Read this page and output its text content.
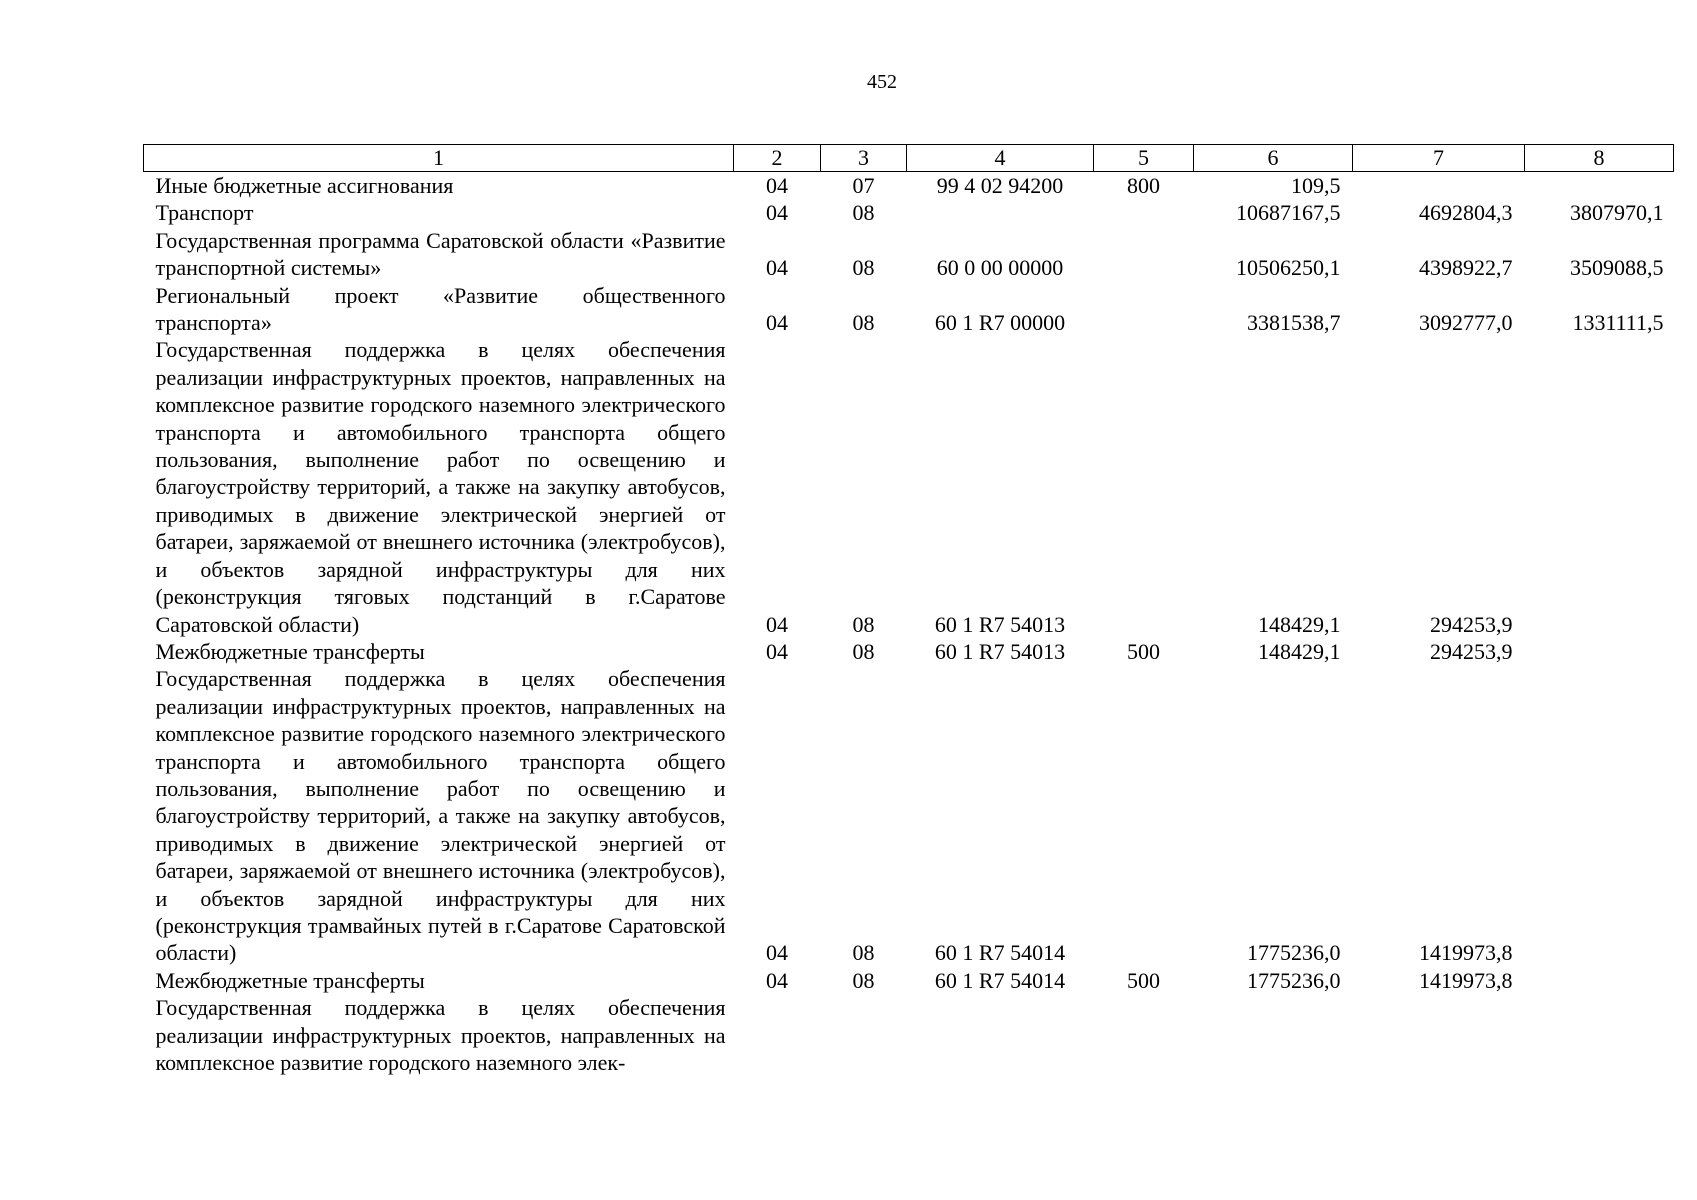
452
1	2	3	4	5	6	7	8
Иные бюджетные ассигнования	04	07	99 4 02 94200	800	109,5		
Транспорт	04	08			10687167,5	4692804,3	3807970,1
Государственная программа Саратовской области «Развитие транспортной системы»	04	08	60 0 00 00000		10506250,1	4398922,7	3509088,5
Региональный проект «Развитие общественного транспорта»	04	08	60 1 R7 00000		3381538,7	3092777,0	1331111,5
Государственная поддержка в целях обеспечения реализации инфраструктурных проектов, направленных на комплексное развитие городского наземного электрического транспорта и автомобильного транспорта общего пользования, выполнение работ по освещению и благоустройству территорий, а также на закупку автобусов, приводимых в движение электрической энергией от батареи, заряжаемой от внешнего источника (электробусов), и объектов зарядной инфраструктуры для них (реконструкция тяговых подстанций в г.Саратове Саратовской области)	04	08	60 1 R7 54013		148429,1	294253,9	
Межбюджетные трансферты	04	08	60 1 R7 54013	500	148429,1	294253,9	
Государственная поддержка в целях обеспечения реализации инфраструктурных проектов, направленных на комплексное развитие городского наземного электрического транспорта и автомобильного транспорта общего пользования, выполнение работ по освещению и благоустройству территорий, а также на закупку автобусов, приводимых в движение электрической энергией от батареи, заряжаемой от внешнего источника (электробусов), и объектов зарядной инфраструктуры для них (реконструкция трамвайных путей в г.Саратове Саратовской области)	04	08	60 1 R7 54014		1775236,0	1419973,8	
Межбюджетные трансферты	04	08	60 1 R7 54014	500	1775236,0	1419973,8	
Государственная поддержка в целях обеспечения реализации инфраструктурных проектов, направленных на комплексное развитие городского наземного элек-							
